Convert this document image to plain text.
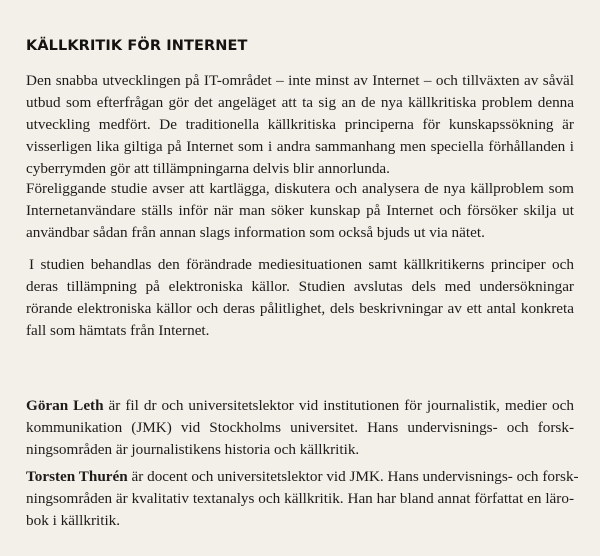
KÄLLKRITIK FÖR INTERNET

Den snabba utvecklingen på IT-området – inte minst av Internet – och tillväxten av såväl
utbud som efterfrågan gör det angeläget att ta sig an de nya källkritiska problem denna
utveckling medfört. De traditionella källkritiska principerna för kunskapssökning är
visserligen lika giltiga på Internet som i andra sammanhang men speciella förhållanden i
cyberrymden gör att tillämpningarna delvis blir annorlunda.

Föreliggande studie avser att kartlägga, diskutera och analysera de nya källproblem som
Internetanvändare ställs inför när man söker kunskap på Internet och försöker skilja ut
användbar sådan från annan slags information som också bjuds ut via nätet.

I studien behandlas den förändrade mediesituationen samt källkritikerns principer och
deras tillämpning på elektroniska källor. Studien avslutas dels med undersökningar
rörande elektroniska källor och deras pålitlighet, dels beskrivningar av ett antal konkreta
fall som hämtats från Internet.

Göran Leth är fil dr och universitetslektor vid institutionen för journalistik, medier och
kommunikation (JMK) vid Stockholms universitet. Hans undervisnings- och forsk-
ningsområden är journalistikens historia och källkritik.

Torsten Thurén är docent och universitetslektor vid JMK. Hans undervisnings- och forsk-
ningsområden är kvalitativ textanalys och källkritik. Han har bland annat författat en läro-
bok i källkritik.
